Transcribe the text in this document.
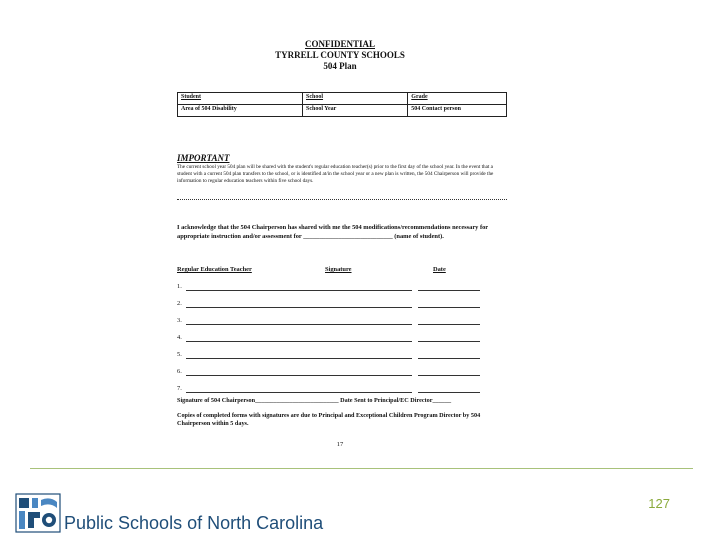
CONFIDENTIAL
TYRRELL COUNTY SCHOOLS
504 Plan
Student	School	Grade
Area of 504 Disability	School Year	504 Contact person
IMPORTANT
The current school year 504 plan will be shared with the student's regular education teacher(s) prior to the first day of the school year. In the event that a student with a current 504 plan transfers to the school, or is identified at/in the school year or a new plan is written, the 504 Chairperson will provide the information to regular education teachers within five school days.
I acknowledge that the 504 Chairperson has shared with me the 504 modifications/recommendations necessary for appropriate instruction and/or assessment for ____________________________ (name of student).
Regular Education Teacher	Signature	Date
1.
2.
3.
4.
5.
6.
7.
Signature of 504 Chairperson___________________________ Date Sent to Principal/EC Director______
Copies of completed forms with signatures are due to Principal and Exceptional Children Program Director by 504 Chairperson within 5 days.
17
127
Public Schools of North Carolina
